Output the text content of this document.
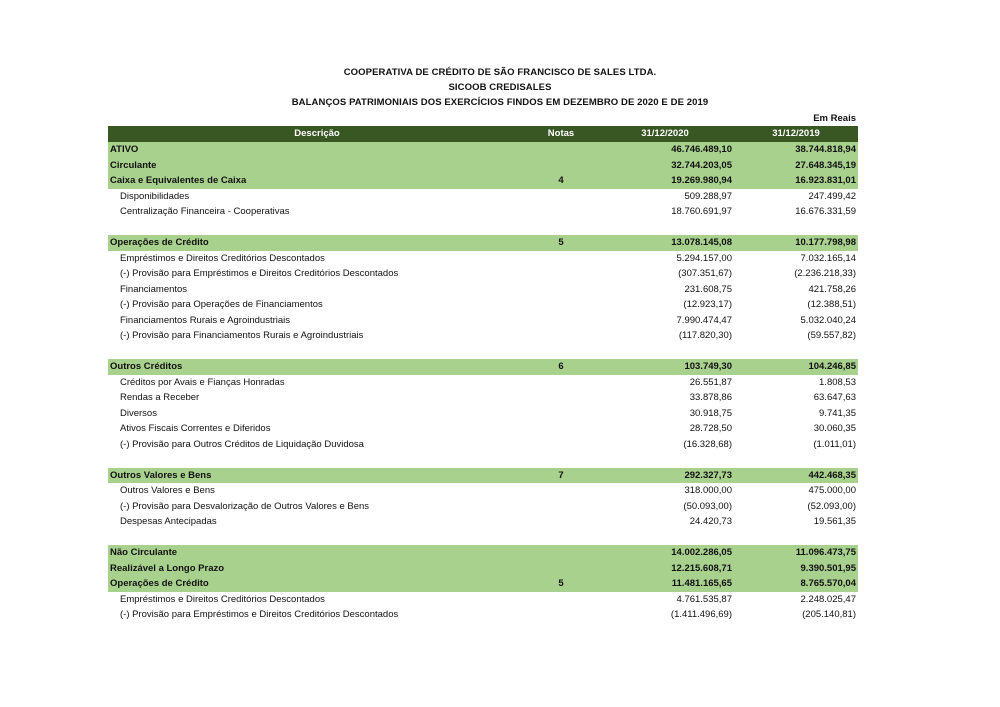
COOPERATIVA DE CRÉDITO DE SÃO FRANCISCO DE SALES LTDA.
SICOOB CREDISALES
BALANÇOS PATRIMONIAIS DOS EXERCÍCIOS FINDOS EM DEZEMBRO DE 2020 E DE 2019
Em Reais
Descrição	Notas	31/12/2020	31/12/2019
ATIVO		46.746.489,10	38.744.818,94
Circulante		32.744.203,05	27.648.345,19
Caixa e Equivalentes de Caixa	4	19.269.980,94	16.923.831,01
Disponibilidades		509.288,97	247.499,42
Centralização Financeira - Cooperativas		18.760.691,97	16.676.331,59

Operações de Crédito	5	13.078.145,08	10.177.798,98
Empréstimos e Direitos Creditórios Descontados		5.294.157,00	7.032.165,14
(-) Provisão para Empréstimos e Direitos Creditórios Descontados		(307.351,67)	(2.236.218,33)
Financiamentos		231.608,75	421.758,26
(-) Provisão para Operações de Financiamentos		(12.923,17)	(12.388,51)
Financiamentos Rurais e Agroindustriais		7.990.474,47	5.032.040,24
(-) Provisão para Financiamentos Rurais e Agroindustriais		(117.820,30)	(59.557,82)

Outros Créditos	6	103.749,30	104.246,85
Créditos por Avais e Fianças Honradas		26.551,87	1.808,53
Rendas a Receber		33.878,86	63.647,63
Diversos		30.918,75	9.741,35
Ativos Fiscais Correntes e Diferidos		28.728,50	30.060,35
(-) Provisão para Outros Créditos de Liquidação Duvidosa		(16.328,68)	(1.011,01)

Outros Valores e Bens	7	292.327,73	442.468,35
Outros Valores e Bens		318.000,00	475.000,00
(-) Provisão para Desvalorização de Outros Valores e Bens		(50.093,00)	(52.093,00)
Despesas Antecipadas		24.420,73	19.561,35

Não Circulante		14.002.286,05	11.096.473,75
Realizável a Longo Prazo		12.215.608,71	9.390.501,95
Operações de Crédito	5	11.481.165,65	8.765.570,04
Empréstimos e Direitos Creditórios Descontados		4.761.535,87	2.248.025,47
(-) Provisão para Empréstimos e Direitos Creditórios Descontados		(1.411.496,69)	(205.140,81)
